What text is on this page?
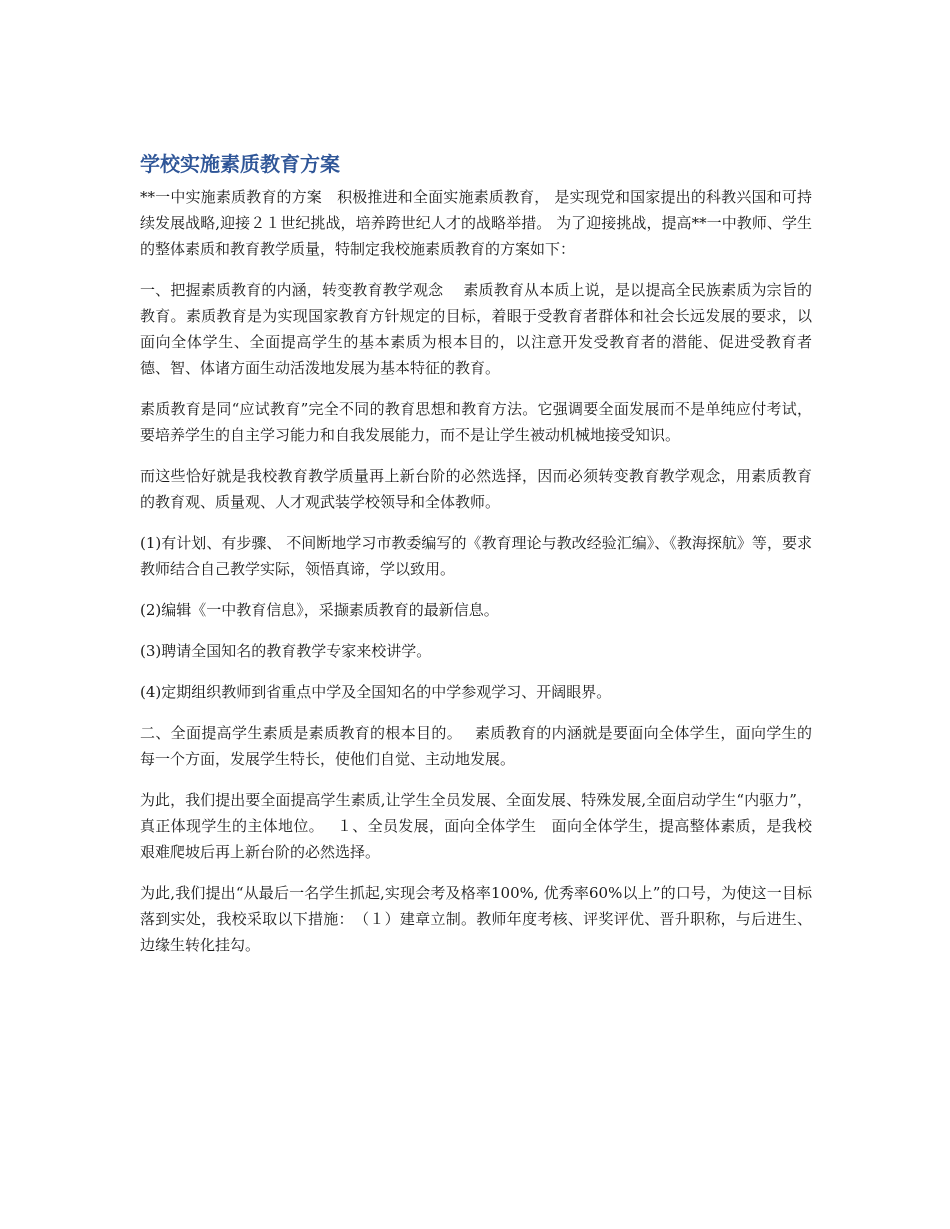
学校实施素质教育方案

**一中实施素质教育的方案　积极推进和全面实施素质教育， 是实现党和国家提出的科教兴国和可持续发展战略,迎接２１世纪挑战，培养跨世纪人才的战略举措。 为了迎接挑战，提高**一中教师、学生的整体素质和教育教学质量，特制定我校施素质教育的方案如下：

一、把握素质教育的内涵，转变教育教学观念　 素质教育从本质上说，是以提高全民族素质为宗旨的教育。素质教育是为实现国家教育方针规定的目标，着眼于受教育者群体和社会长远发展的要求，以面向全体学生、全面提高学生的基本素质为根本目的，以注意开发受教育者的潜能、促进受教育者德、智、体诸方面生动活泼地发展为基本特征的教育。

素质教育是同“应试教育”完全不同的教育思想和教育方法。它强调要全面发展而不是单纯应付考试，要培养学生的自主学习能力和自我发展能力，而不是让学生被动机械地接受知识。

而这些恰好就是我校教育教学质量再上新台阶的必然选择，因而必须转变教育教学观念，用素质教育的教育观、质量观、人才观武装学校领导和全体教师。

(1)有计划、有步骤、 不间断地学习市教委编写的《教育理论与教改经验汇编》、《教海探航》等，要求教师结合自己教学实际，领悟真谛，学以致用。

(2)编辑《一中教育信息》，采撷素质教育的最新信息。

(3)聘请全国知名的教育教学专家来校讲学。

(4)定期组织教师到省重点中学及全国知名的中学参观学习、开阔眼界。

二、全面提高学生素质是素质教育的根本目的。　 素质教育的内涵就是要面向全体学生，面向学生的每一个方面，发展学生特长，使他们自觉、主动地发展。

为此，我们提出要全面提高学生素质,让学生全员发展、全面发展、特殊发展,全面启动学生“内驱力”，真正体现学生的主体地位。　 １、全员发展，面向全体学生　面向全体学生，提高整体素质，是我校艰难爬坡后再上新台阶的必然选择。

为此,我们提出“从最后一名学生抓起,实现会考及格率100%, 优秀率60%以上”的口号，为使这一目标落到实处，我校采取以下措施：　（１）建章立制。教师年度考核、评奖评优、晋升职称，与后进生、边缘生转化挂勾。
